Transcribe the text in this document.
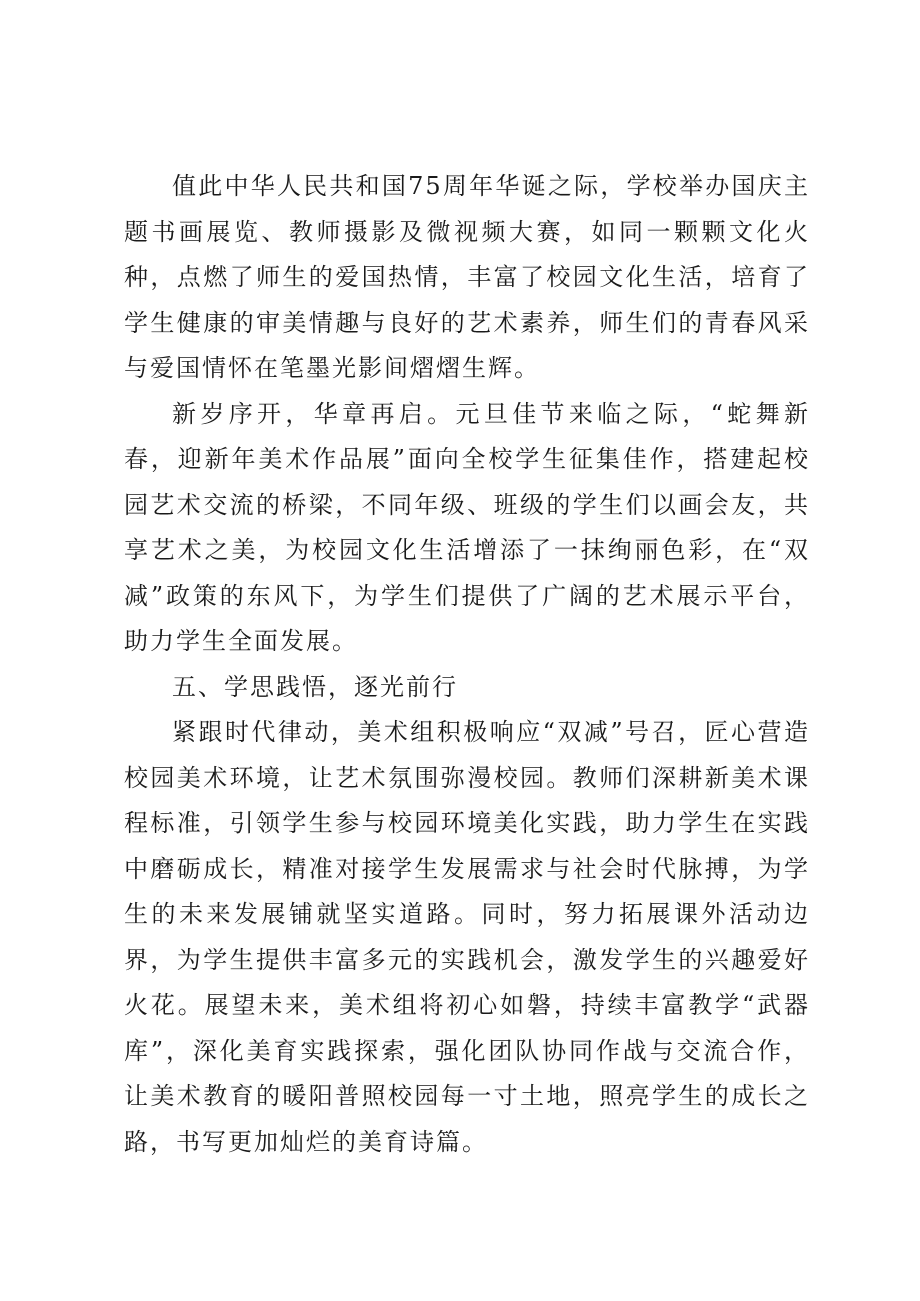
值此中华人民共和国75周年华诞之际，学校举办国庆主题书画展览、教师摄影及微视频大赛，如同一颗颗文化火种，点燃了师生的爱国热情，丰富了校园文化生活，培育了学生健康的审美情趣与良好的艺术素养，师生们的青春风采与爱国情怀在笔墨光影间熠熠生辉。

新岁序开，华章再启。元旦佳节来临之际，“蛇舞新春，迎新年美术作品展”面向全校学生征集佳作，搭建起校园艺术交流的桥梁，不同年级、班级的学生们以画会友，共享艺术之美，为校园文化生活增添了一抹绚丽色彩，在“双减”政策的东风下，为学生们提供了广阔的艺术展示平台，助力学生全面发展。

五、学思践悟，逐光前行

紧跟时代律动，美术组积极响应“双减”号召，匠心营造校园美术环境，让艺术氛围弥漫校园。教师们深耕新美术课程标准，引领学生参与校园环境美化实践，助力学生在实践中磨砺成长，精准对接学生发展需求与社会时代脉搏，为学生的未来发展铺就坚实道路。同时，努力拓展课外活动边界，为学生提供丰富多元的实践机会，激发学生的兴趣爱好火花。展望未来，美术组将初心如磐，持续丰富教学“武器库”，深化美育实践探索，强化团队协同作战与交流合作，让美术教育的暖阳普照校园每一寸土地，照亮学生的成长之路，书写更加灿烂的美育诗篇。
